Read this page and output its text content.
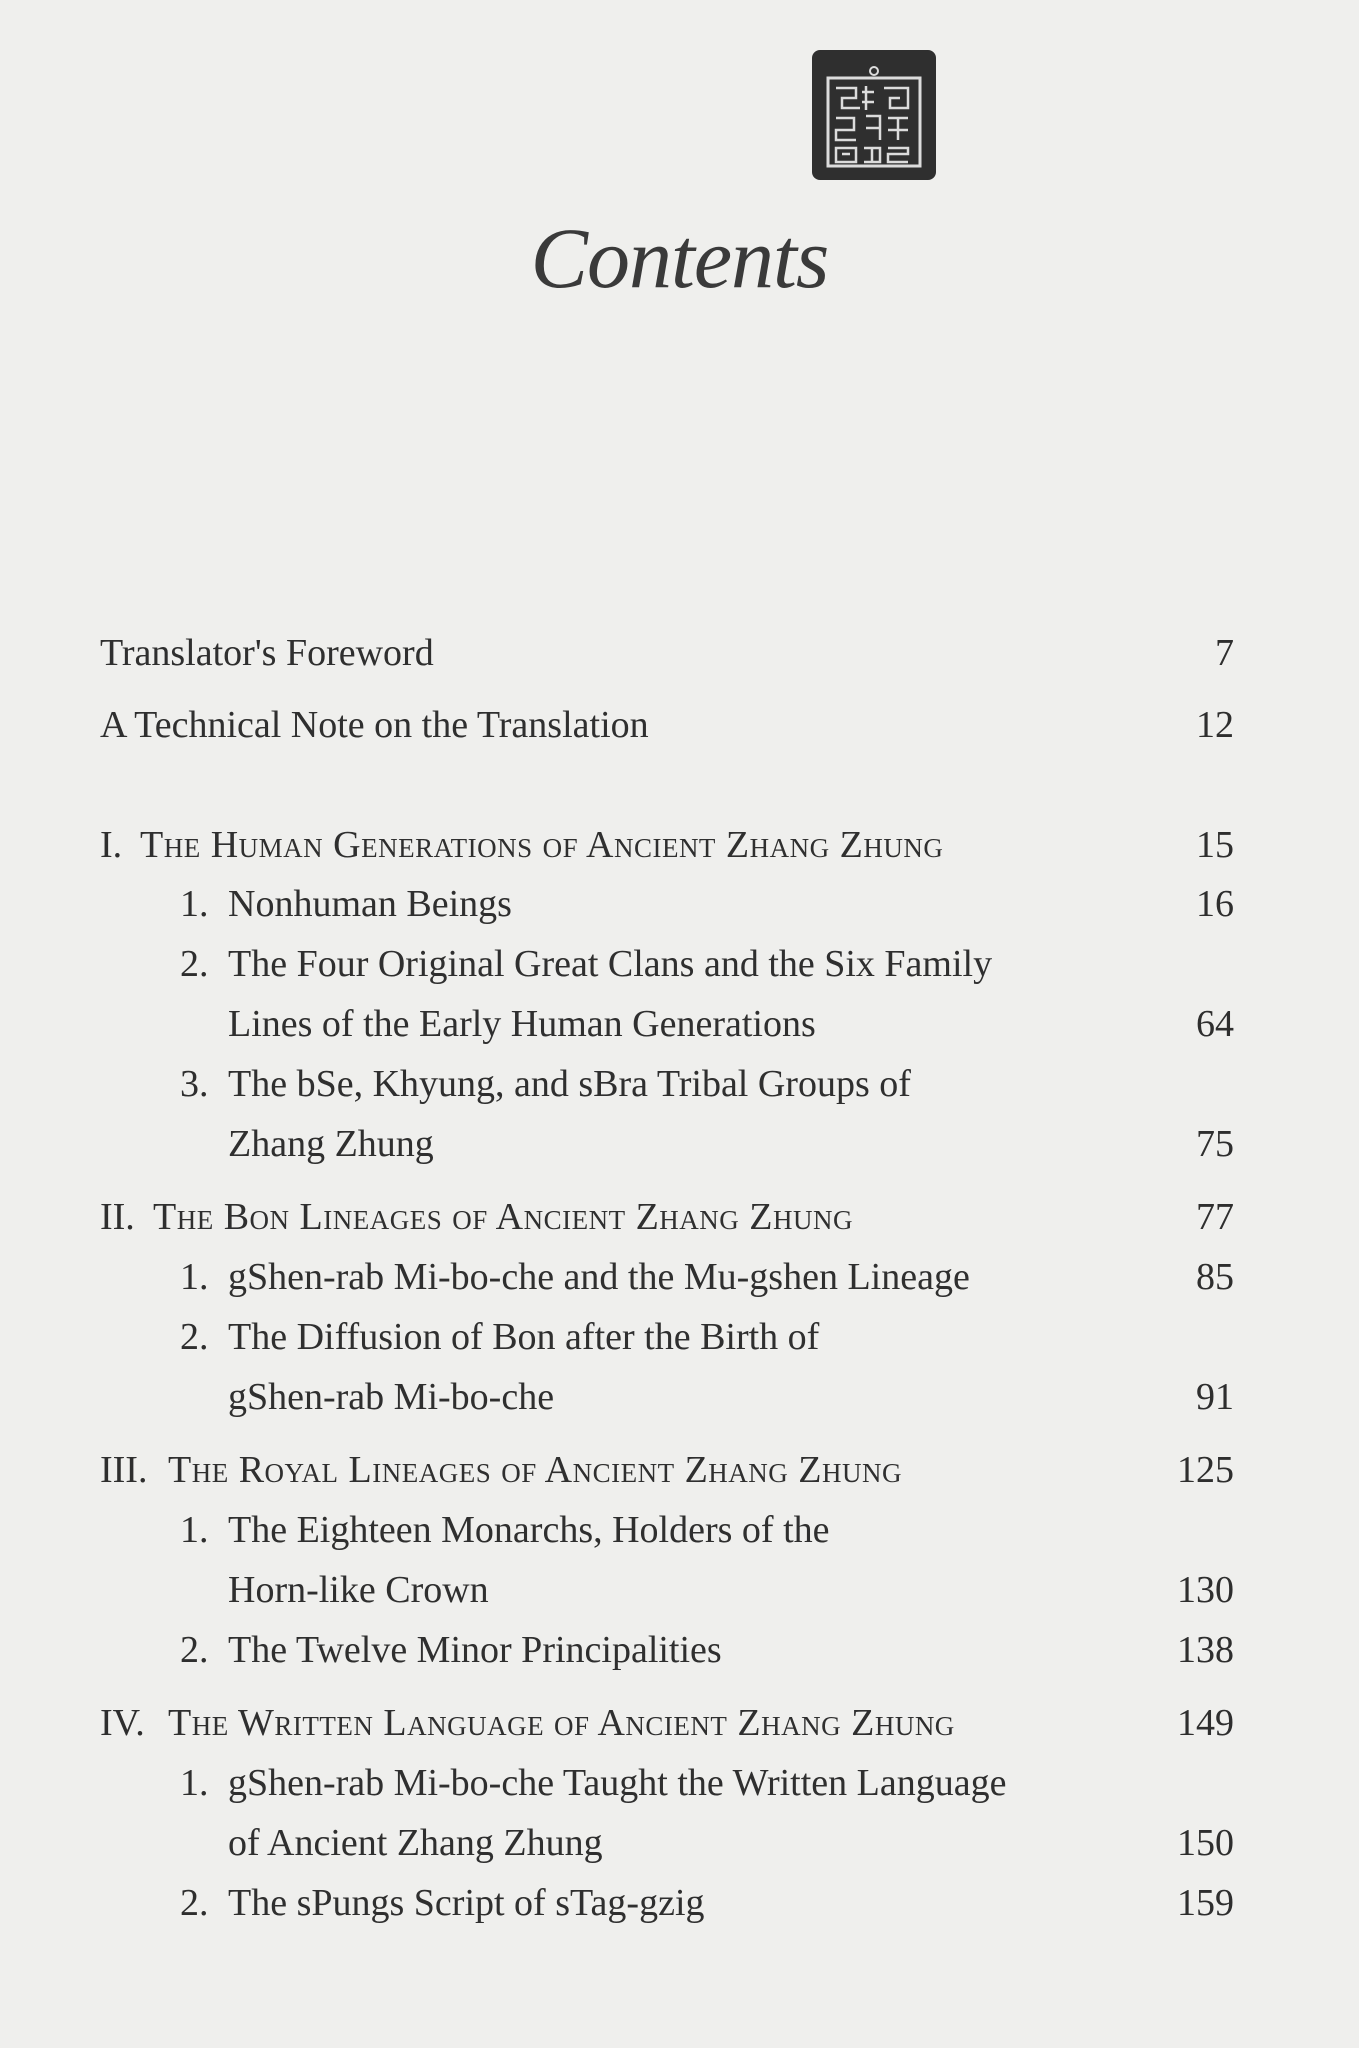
Contents
Translator's Foreword	7
A Technical Note on the Translation	12
I. The Human Generations of Ancient Zhang Zhung	15
1. Nonhuman Beings	16
2. The Four Original Great Clans and the Six Family
Lines of the Early Human Generations	64
3. The bSe, Khyung, and sBra Tribal Groups of
Zhang Zhung	75
II. The Bon Lineages of Ancient Zhang Zhung	77
1. gShen-rab Mi-bo-che and the Mu-gshen Lineage	85
2. The Diffusion of Bon after the Birth of
gShen-rab Mi-bo-che	91
III. The Royal Lineages of Ancient Zhang Zhung	125
1. The Eighteen Monarchs, Holders of the
Horn-like Crown	130
2. The Twelve Minor Principalities	138
IV. The Written Language of Ancient Zhang Zhung	149
1. gShen-rab Mi-bo-che Taught the Written Language
of Ancient Zhang Zhung	150
2. The sPungs Script of sTag-gzig	159
